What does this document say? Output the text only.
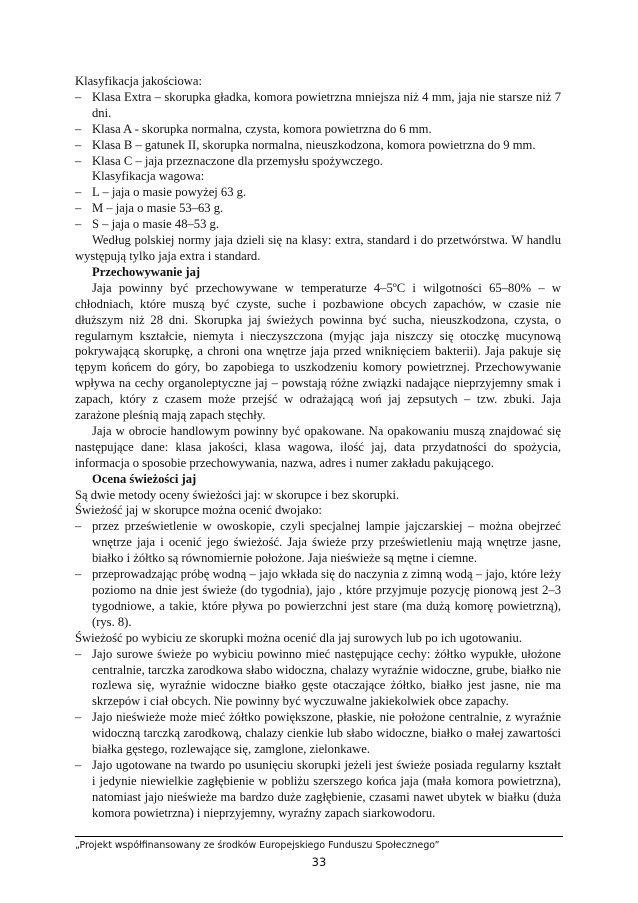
Klasyfikacja jakościowa:

– Klasa Extra – skorupka gładka, komora powietrzna mniejsza niż 4 mm, jaja nie starsze niż 7 dni.
– Klasa A - skorupka normalna, czysta, komora powietrzna do 6 mm.
– Klasa B – gatunek II, skorupka normalna, nieuszkodzona, komora powietrzna do 9 mm.
– Klasa C – jaja przeznaczone dla przemysłu spożywczego.

Klasyfikacja wagowa:

– L – jaja o masie powyżej 63 g.
– M – jaja o masie 53–63 g.
– S – jaja o masie 48–53 g.

Według polskiej normy jaja dzieli się na klasy: extra, standard i do przetwórstwa. W handlu występują tylko jaja extra i standard.

Przechowywanie jaj

Jaja powinny być przechowywane w temperaturze 4–5ºC i wilgotności 65–80% – w chłodniach, które muszą być czyste, suche i pozbawione obcych zapachów, w czasie nie dłuższym niż 28 dni. Skorupka jaj świeżych powinna być sucha, nieuszkodzona, czysta, o regularnym kształcie, niemyta i nieczyszczona (myjąc jaja niszczy się otoczkę mucynową pokrywającą skorupkę, a chroni ona wnętrze jaja przed wniknięciem bakterii). Jaja pakuje się tępym końcem do góry, bo zapobiega to uszkodzeniu komory powietrznej. Przechowywanie wpływa na cechy organoleptyczne jaj – powstają różne związki nadające nieprzyjemny smak i zapach, który z czasem może przejść w odrażającą woń jaj zepsutych – tzw. zbuki. Jaja zarażone pleśnią mają zapach stęchły.

Jaja w obrocie handlowym powinny być opakowane. Na opakowaniu muszą znajdować się następujące dane: klasa jakości, klasa wagowa, ilość jaj, data przydatności do spożycia, informacja o sposobie przechowywania, nazwa, adres i numer zakładu pakującego.

Ocena świeżości jaj

Są dwie metody oceny świeżości jaj: w skorupce i bez skorupki.

Świeżość jaj w skorupce można ocenić dwojako:

– przez prześwietlenie w owoskopie, czyli specjalnej lampie jajczarskiej – można obejrzeć wnętrze jaja i ocenić jego świeżość. Jaja świeże przy prześwietleniu mają wnętrze jasne, białko i żółtko są równomiernie położone. Jaja nieświeże są mętne i ciemne.
– przeprowadzając próbę wodną – jajo wkłada się do naczynia z zimną wodą – jajo, które leży poziomo na dnie jest świeże (do tygodnia), jajo , które przyjmuje pozycję pionową jest 2–3 tygodniowe, a takie, które pływa po powierzchni jest stare (ma dużą komorę powietrzną), (rys. 8).

Świeżość po wybiciu ze skorupki można ocenić dla jaj surowych lub po ich ugotowaniu.

– Jajo surowe świeże po wybiciu powinno mieć następujące cechy: żółtko wypukłe, ułożone centralnie, tarczka zarodkowa słabo widoczna, chalazy wyraźnie widoczne, grube, białko nie rozlewa się, wyraźnie widoczne białko gęste otaczające żółtko, białko jest jasne, nie ma skrzepów i ciał obcych. Nie powinny być wyczuwalne jakiekolwiek obce zapachy.
– Jajo nieświeże może mieć żółtko powiększone, płaskie, nie położone centralnie, z wyraźnie widoczną tarczką zarodkową, chalazy cienkie lub słabo widoczne, białko o małej zawartości białka gęstego, rozlewające się, zamglone, zielonkawe.
– Jajo ugotowane na twardo po usunięciu skorupki jeżeli jest świeże posiada regularny kształt i jedynie niewielkie zagłębienie w pobliżu szerszego końca jaja (mała komora powietrzna), natomiast jajo nieświeże ma bardzo duże zagłębienie, czasami nawet ubytek w białku (duża komora powietrzna) i nieprzyjemny, wyraźny zapach siarkowodoru.

„Projekt współfinansowany ze środków Europejskiego Funduszu Społecznego”

33
